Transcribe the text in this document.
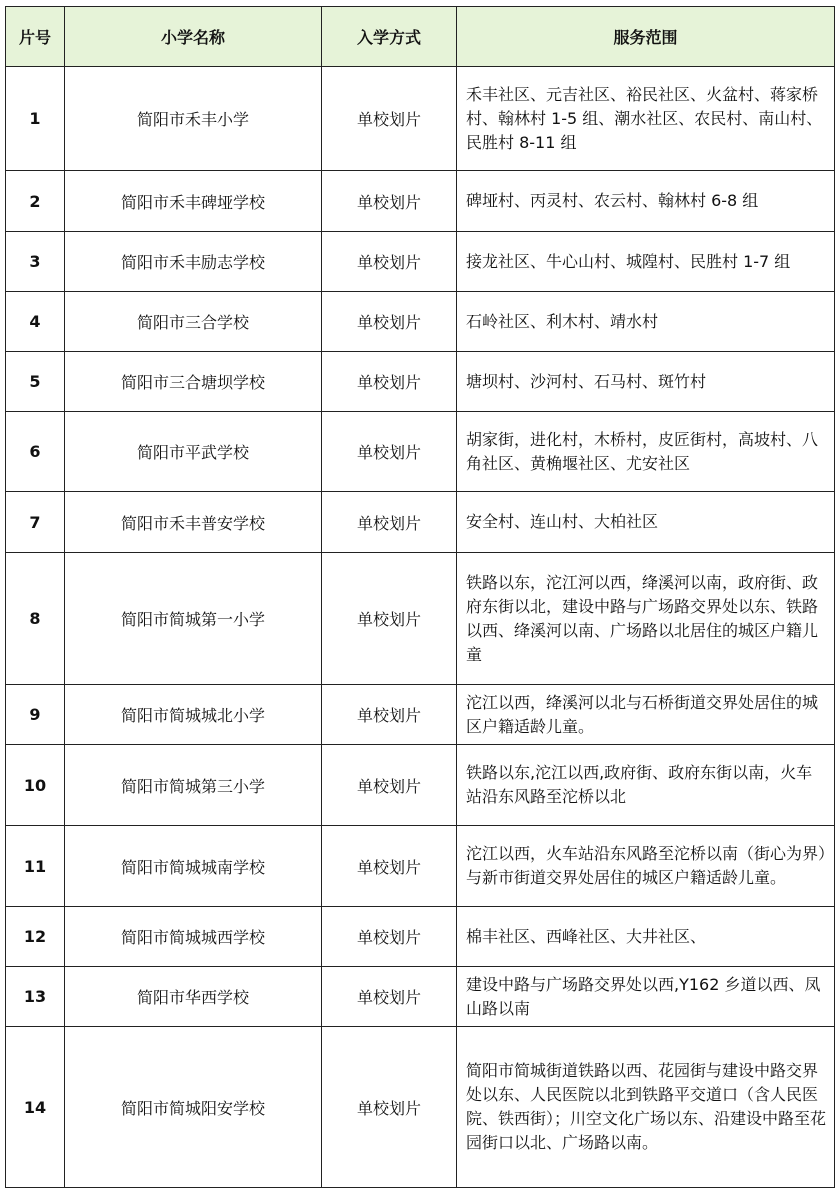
片号	小学名称	入学方式	服务范围
1	简阳市禾丰小学	单校划片	禾丰社区、元吉社区、裕民社区、火盆村、蒋家桥村、翰林村 1-5 组、潮水社区、农民村、南山村、民胜村 8-11 组
2	简阳市禾丰碑垭学校	单校划片	碑垭村、丙灵村、农云村、翰林村 6-8 组
3	简阳市禾丰励志学校	单校划片	接龙社区、牛心山村、城隍村、民胜村 1-7 组
4	简阳市三合学校	单校划片	石岭社区、利木村、靖水村
5	简阳市三合塘坝学校	单校划片	塘坝村、沙河村、石马村、斑竹村
6	简阳市平武学校	单校划片	胡家街，进化村，木桥村，皮匠街村，高坡村、八角社区、黄桷堰社区、尤安社区
7	简阳市禾丰普安学校	单校划片	安全村、连山村、大柏社区
8	简阳市简城第一小学	单校划片	铁路以东，沱江河以西，绛溪河以南，政府街、政府东街以北，建设中路与广场路交界处以东、铁路以西、绛溪河以南、广场路以北居住的城区户籍儿童
9	简阳市简城城北小学	单校划片	沱江以西，绛溪河以北与石桥街道交界处居住的城区户籍适龄儿童。
10	简阳市简城第三小学	单校划片	铁路以东,沱江以西,政府街、政府东街以南，火车站沿东风路至沱桥以北
11	简阳市简城城南学校	单校划片	沱江以西，火车站沿东风路至沱桥以南（街心为界）与新市街道交界处居住的城区户籍适龄儿童。
12	简阳市简城城西学校	单校划片	棉丰社区、西峰社区、大井社区、
13	简阳市华西学校	单校划片	建设中路与广场路交界处以西,Y162 乡道以西、凤山路以南
14	简阳市简城阳安学校	单校划片	简阳市简城街道铁路以西、花园街与建设中路交界处以东、人民医院以北到铁路平交道口（含人民医院、铁西街）；川空文化广场以东、沿建设中路至花园街口以北、广场路以南。
